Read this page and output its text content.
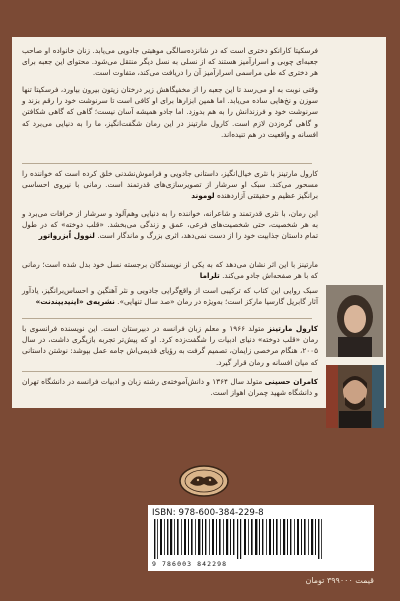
فرسکیتا کارانکو دختری است که در شانزده‌سالگی موهبتی جادویی می‌یابد. زنان خانواده او صاحب جعبه‌ای چوبی و اسرارآمیز هستند که از نسلی به نسل دیگر منتقل می‌شود. محتوای این جعبه برای هر دختری که طی مراسمی اسرارآمیز آن را دریافت می‌کند، متفاوت است.

وقتی نوبت به او می‌رسد تا این جعبه را از مخفیگاهش زیر درختان زیتون بیرون بیاورد، فرسکیتا تنها سوزن و نخ‌هایی ساده می‌یابد. اما همین ابزارها برای او کافی است تا سرنوشت خود را رقم بزند و سرنوشت خود و فرزندانش را به هم بدوزد. اما جادو همیشه آسان نیست؛ گاهی که گاهی شکافتن و گاهی گره‌زدن لازم است. کارول مارتینز در این رمان شگفت‌انگیز، ما را به دنیایی می‌برد که افسانه و واقعیت در هم تنیده‌اند.

کارول مارتینز با نثری خیال‌انگیز، داستانی جادویی و فراموش‌نشدنی خلق کرده است که خواننده را مسحور می‌کند. سبک او سرشار از تصویرسازی‌های قدرتمند است. رمانی با نیروی احساسی برانگیز عظیم و حقیقتی آزاردهنده لوموند

این رمان، با نثری قدرتمند و شاعرانه، خواننده را به دنیایی وهم‌آلود و سرشار از خرافات می‌برد و به هر شخصیت، حتی شخصیت‌های فرعی، عمق و زندگی می‌بخشد. «قلب دوخته» که در طول تمام داستان جذابیت خود را از دست نمی‌دهد، اثری بزرگ و ماندگار است. لنوول اُبزرواتور

مارتینز با این اثر نشان می‌دهد که به یکی از نویسندگان برجسته نسل خود بدل شده است؛ رمانی که با هر صفحه‌اش جادو می‌کند. تلراما

سبک روایی این کتاب که ترکیبی است از واقع‌گرایی جادویی و نثر آهنگین و احساس‌برانگیز، یادآور آثار گابریل گارسیا مارکز است؛ به‌ویژه در رمان «صد سال تنهایی». نشریه‌ی «اینیدیپندنت»

کارول مارتینز متولد ۱۹۶۶ و معلم زبان فرانسه در دبیرستان است. این نویسنده فرانسوی با رمان «قلب دوخته» دنیای ادبیات را شگفت‌زده کرد. او که پیش‌تر تجربه بازیگری داشت، در سال ۲۰۰۵، هنگام مرخصی زایمان، تصمیم گرفت به رؤیای قدیمی‌اش جامه عمل بپوشد: نوشتن داستانی که میان افسانه و رمان قرار گیرد.

کامران حسینی متولد سال ۱۳۶۴ و دانش‌آموخته‌ی رشته زبان و ادبیات فرانسه در دانشگاه تهران و دانشگاه شهید چمران اهواز است.

ISBN: 978-600-384-229-8
9 786003 842298
قیمت ۳۹۹۰۰۰ تومان
